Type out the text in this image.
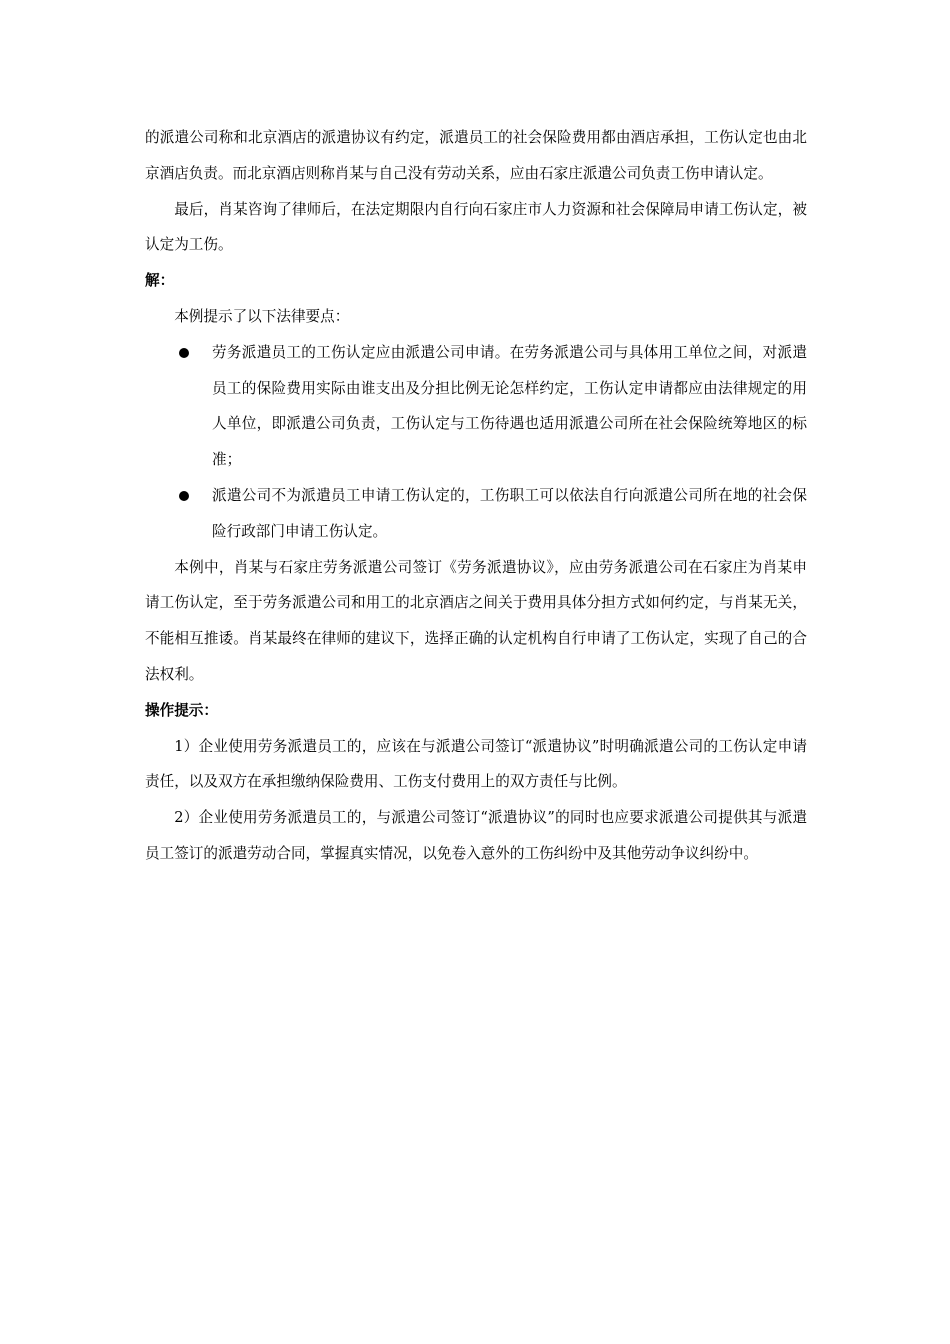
的派遣公司称和北京酒店的派遣协议有约定，派遣员工的社会保险费用都由酒店承担，工伤认定也由北京酒店负责。而北京酒店则称肖某与自己没有劳动关系，应由石家庄派遣公司负责工伤申请认定。

最后，肖某咨询了律师后，在法定期限内自行向石家庄市人力资源和社会保障局申请工伤认定，被认定为工伤。

解：

本例提示了以下法律要点：

劳务派遣员工的工伤认定应由派遣公司申请。在劳务派遣公司与具体用工单位之间，对派遣员工的保险费用实际由谁支出及分担比例无论怎样约定，工伤认定申请都应由法律规定的用人单位，即派遣公司负责，工伤认定与工伤待遇也适用派遣公司所在社会保险统筹地区的标准；
派遣公司不为派遣员工申请工伤认定的，工伤职工可以依法自行向派遣公司所在地的社会保险行政部门申请工伤认定。

本例中，肖某与石家庄劳务派遣公司签订《劳务派遣协议》，应由劳务派遣公司在石家庄为肖某申请工伤认定，至于劳务派遣公司和用工的北京酒店之间关于费用具体分担方式如何约定，与肖某无关，不能相互推诿。肖某最终在律师的建议下，选择正确的认定机构自行申请了工伤认定，实现了自己的合法权利。

操作提示：

1）企业使用劳务派遣员工的，应该在与派遣公司签订“派遣协议”时明确派遣公司的工伤认定申请责任，以及双方在承担缴纳保险费用、工伤支付费用上的双方责任与比例。

2）企业使用劳务派遣员工的，与派遣公司签订“派遣协议”的同时也应要求派遣公司提供其与派遣员工签订的派遣劳动合同，掌握真实情况，以免卷入意外的工伤纠纷中及其他劳动争议纠纷中。
